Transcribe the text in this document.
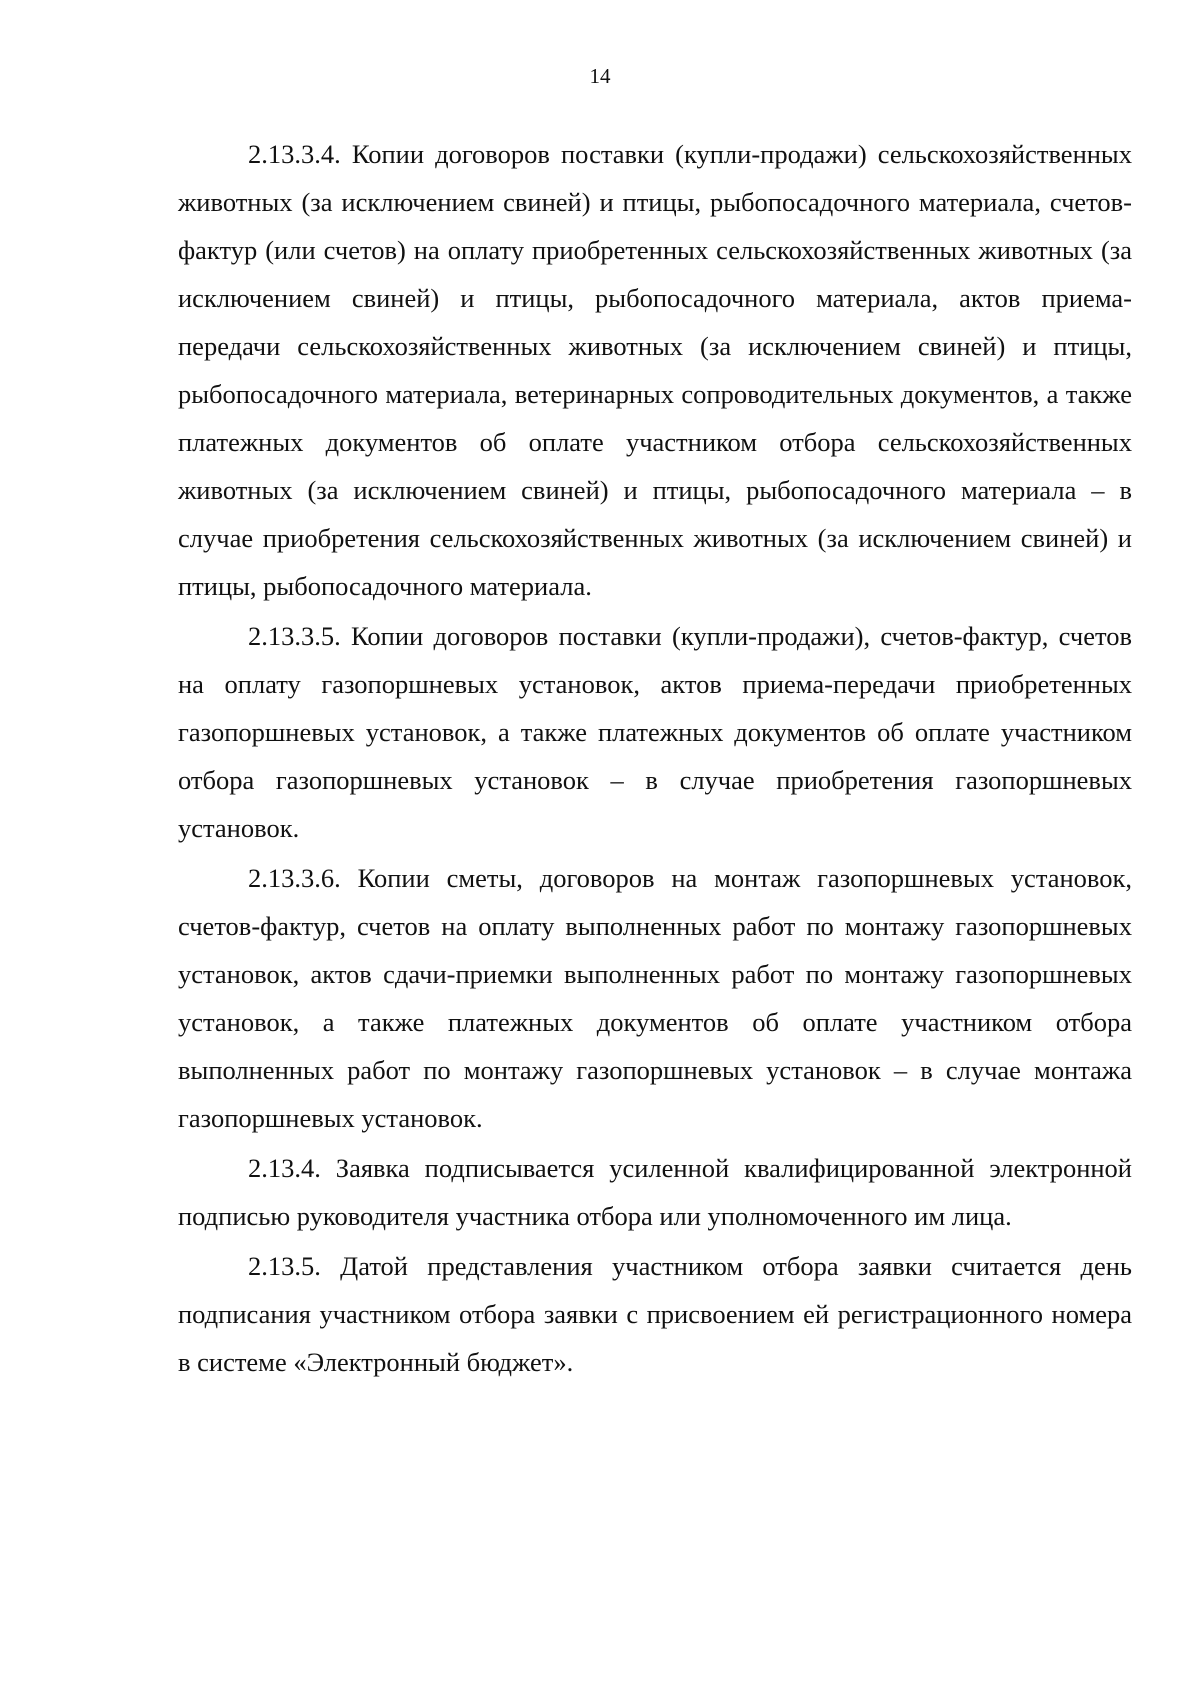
14

2.13.3.4. Копии договоров поставки (купли-продажи) сельскохозяйственных животных (за исключением свиней) и птицы, рыбопосадочного материала, счетов-фактур (или счетов) на оплату приобретенных сельскохозяйственных животных (за исключением свиней) и птицы, рыбопосадочного материала, актов приема-передачи сельскохозяйственных животных (за исключением свиней) и птицы, рыбопосадочного материала, ветеринарных сопроводительных документов, а также платежных документов об оплате участником отбора сельскохозяйственных животных (за исключением свиней) и птицы, рыбопосадочного материала – в случае приобретения сельскохозяйственных животных (за исключением свиней) и птицы, рыбопосадочного материала.

2.13.3.5. Копии договоров поставки (купли-продажи), счетов-фактур, счетов на оплату газопоршневых установок, актов приема-передачи приобретенных газопоршневых установок, а также платежных документов об оплате участником отбора газопоршневых установок – в случае приобретения газопоршневых установок.

2.13.3.6. Копии сметы, договоров на монтаж газопоршневых установок, счетов-фактур, счетов на оплату выполненных работ по монтажу газопоршневых установок, актов сдачи-приемки выполненных работ по монтажу газопоршневых установок, а также платежных документов об оплате участником отбора выполненных работ по монтажу газопоршневых установок – в случае монтажа газопоршневых установок.

2.13.4. Заявка подписывается усиленной квалифицированной электронной подписью руководителя участника отбора или уполномоченного им лица.

2.13.5. Датой представления участником отбора заявки считается день подписания участником отбора заявки с присвоением ей регистрационного номера в системе «Электронный бюджет».
